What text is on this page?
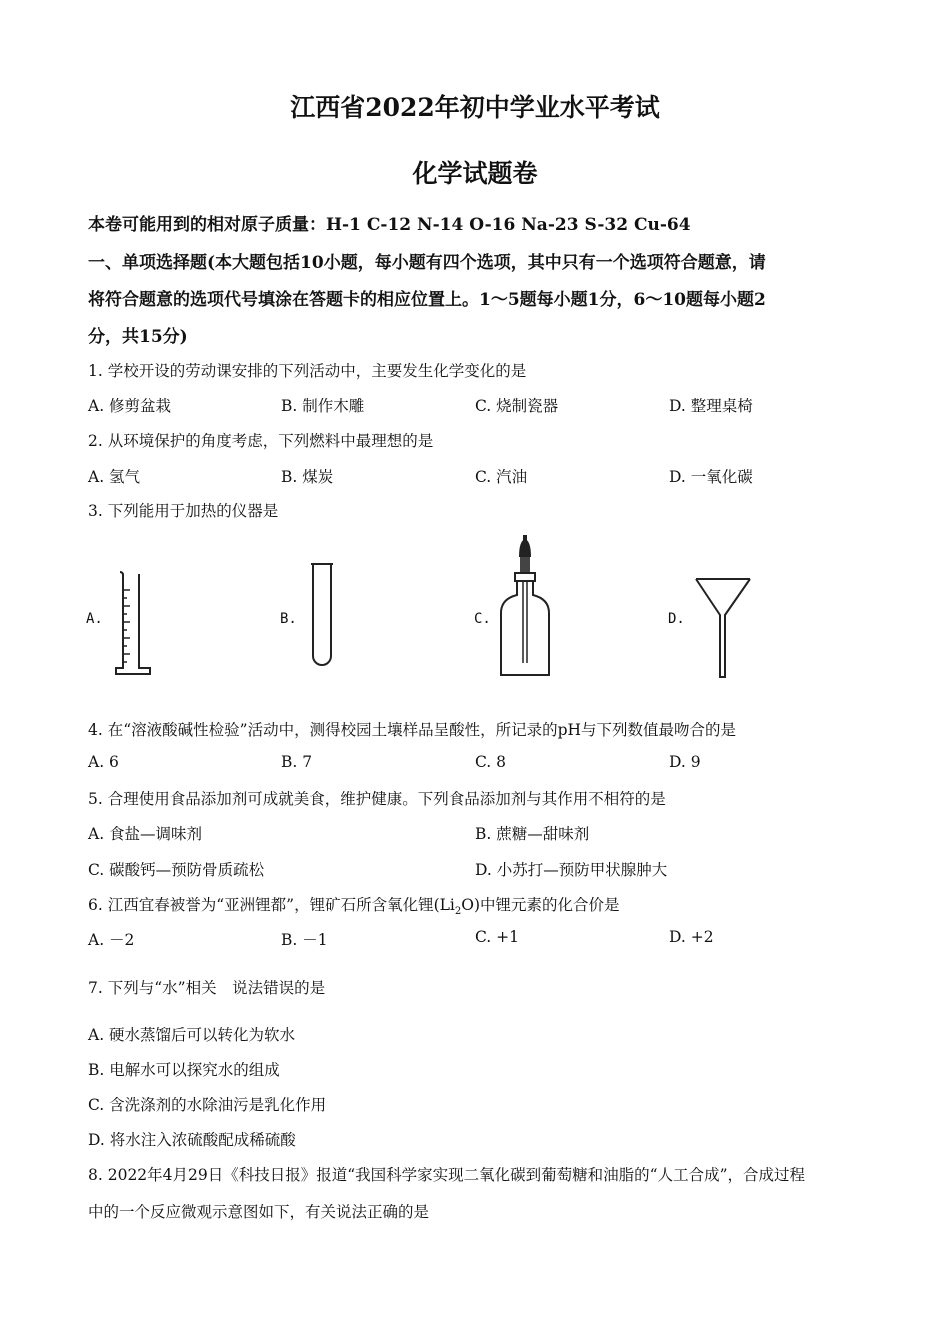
江西省2022年初中学业水平考试
化学试题卷
本卷可能用到的相对原子质量：H-1 C-12 N-14 O-16 Na-23 S-32 Cu-64
一、单项选择题(本大题包括10小题，每小题有四个选项，其中只有一个选项符合题意，请
将符合题意的选项代号填涂在答题卡的相应位置上。1～5题每小题1分，6～10题每小题2
分，共15分)
1. 学校开设的劳动课安排的下列活动中，主要发生化学变化的是
A. 修剪盆栽	B. 制作木雕	C. 烧制瓷器	D. 整理桌椅
2. 从环境保护的角度考虑，下列燃料中最理想的是
A. 氢气	B. 煤炭	C. 汽油	D. 一氧化碳
3. 下列能用于加热的仪器是
A.	B.	C.	D.
4. 在“溶液酸碱性检验”活动中，测得校园土壤样品呈酸性，所记录的pH与下列数值最吻合的是
A. 6	B. 7	C. 8	D. 9
5. 合理使用食品添加剂可成就美食，维护健康。下列食品添加剂与其作用不相符的是
A. 食盐—调味剂	B. 蔗糖—甜味剂
C. 碳酸钙—预防骨质疏松	D. 小苏打—预防甲状腺肿大
6. 江西宜春被誉为“亚洲锂都”，锂矿石所含氧化锂$(Li_2O)$中锂元素的化合价是
A. －2	B. －1	C. +1	D. +2
7. 下列与“水”相关　说法错误的是
A. 硬水蒸馏后可以转化为软水
B. 电解水可以探究水的组成
C. 含洗涤剂的水除油污是乳化作用
D. 将水注入浓硫酸配成稀硫酸
8. 2022年4月29日《科技日报》报道“我国科学家实现二氧化碳到葡萄糖和油脂的“人工合成”，合成过程
中的一个反应微观示意图如下，有关说法正确的是
